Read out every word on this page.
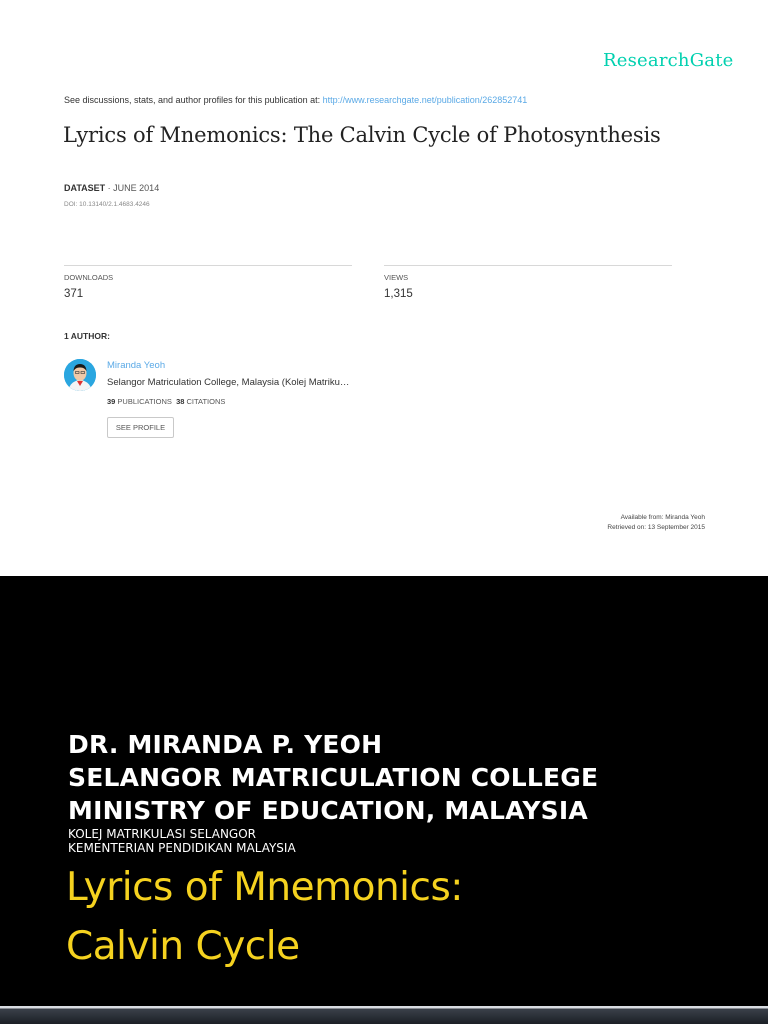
ResearchGate
See discussions, stats, and author profiles for this publication at: http://www.researchgate.net/publication/262852741
Lyrics of Mnemonics: The Calvin Cycle of Photosynthesis
DATASET · JUNE 2014
DOI: 10.13140/2.1.4683.4246
DOWNLOADS
371
VIEWS
1,315
1 AUTHOR:
Miranda Yeoh
Selangor Matriculation College, Malaysia (Kolej Matriku…
39 PUBLICATIONS 38 CITATIONS
SEE PROFILE
Available from: Miranda Yeoh
Retrieved on: 13 September 2015
DR. MIRANDA P. YEOH
SELANGOR MATRICULATION COLLEGE
MINISTRY OF EDUCATION, MALAYSIA
KOLEJ MATRIKULASI SELANGOR
KEMENTERIAN PENDIDIKAN MALAYSIA
Lyrics of Mnemonics:
Calvin Cycle
